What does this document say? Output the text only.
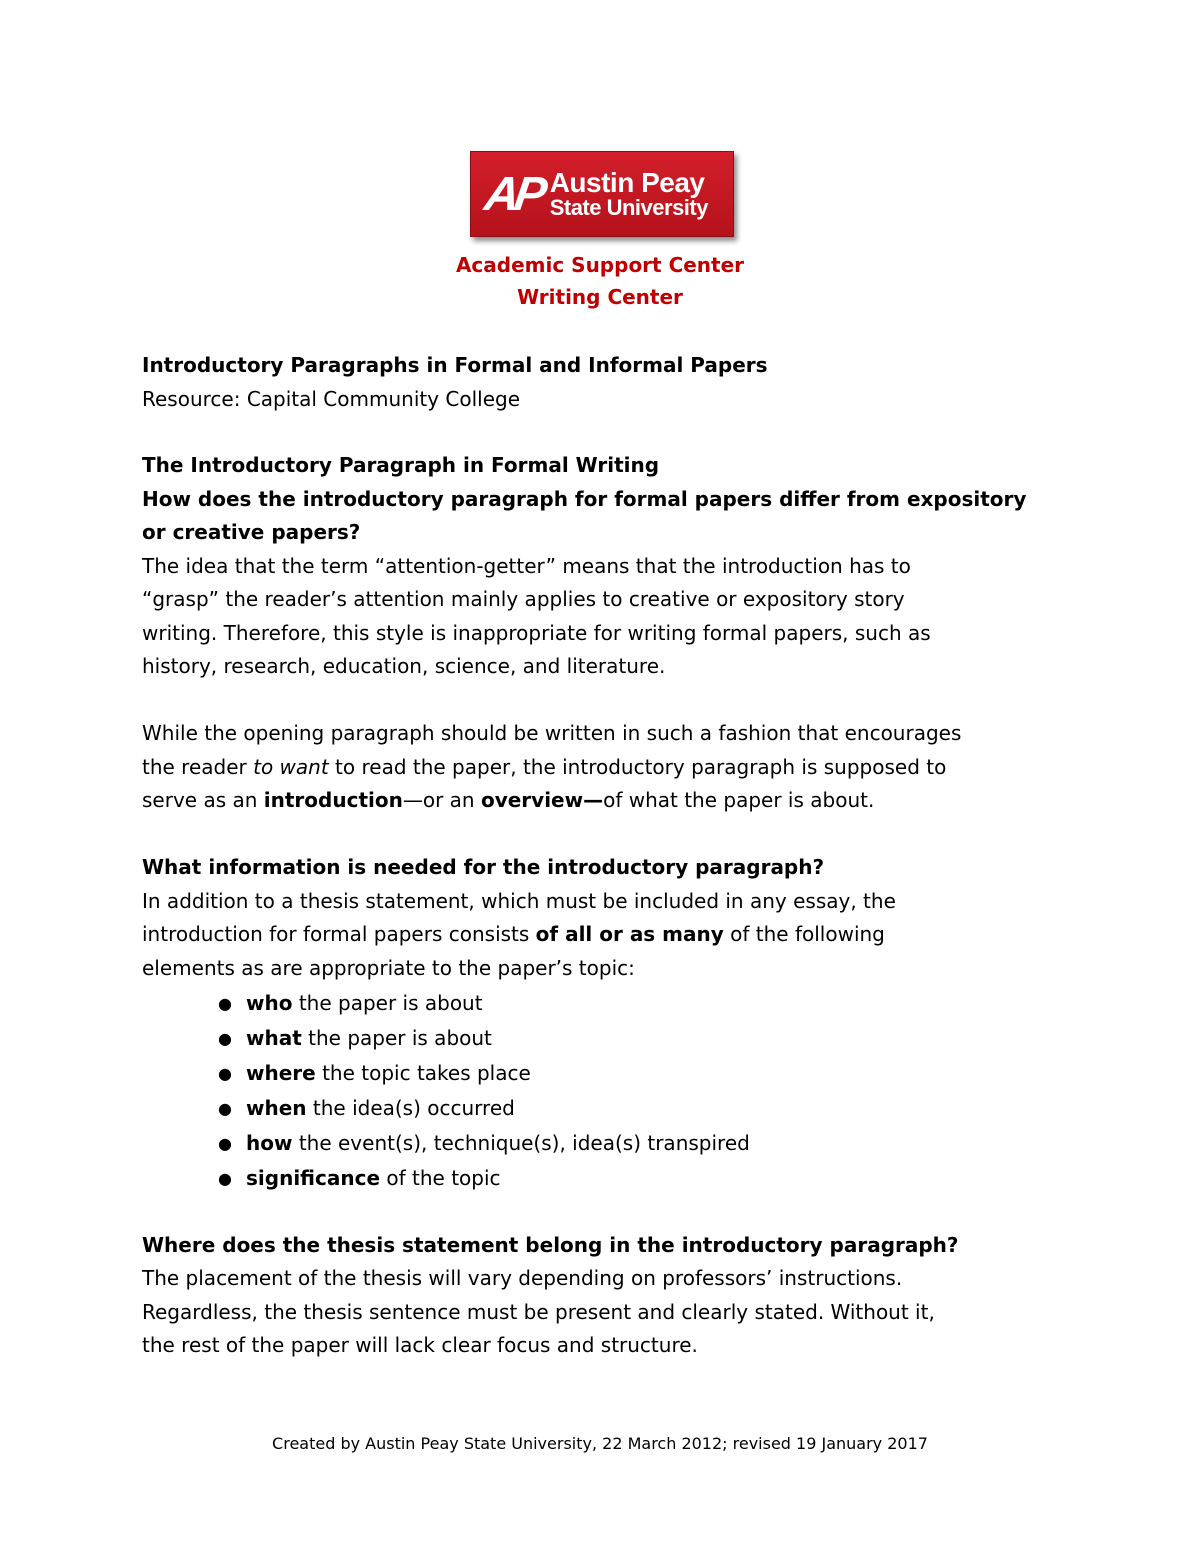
AP Austin Peay
State University
Academic Support Center
Writing Center
Introductory Paragraphs in Formal and Informal Papers
Resource: Capital Community College
The Introductory Paragraph in Formal Writing
How does the introductory paragraph for formal papers differ from expository
or creative papers?
The idea that the term “attention-getter” means that the introduction has to
“grasp” the reader’s attention mainly applies to creative or expository story
writing. Therefore, this style is inappropriate for writing formal papers, such as
history, research, education, science, and literature.
While the opening paragraph should be written in such a fashion that encourages
the reader to want to read the paper, the introductory paragraph is supposed to
serve as an introduction—or an overview—of what the paper is about.
What information is needed for the introductory paragraph?
In addition to a thesis statement, which must be included in any essay, the
introduction for formal papers consists of all or as many of the following
elements as are appropriate to the paper’s topic:
● who the paper is about
● what the paper is about
● where the topic takes place
● when the idea(s) occurred
● how the event(s), technique(s), idea(s) transpired
● significance of the topic
Where does the thesis statement belong in the introductory paragraph?
The placement of the thesis will vary depending on professors’ instructions.
Regardless, the thesis sentence must be present and clearly stated. Without it,
the rest of the paper will lack clear focus and structure.
Created by Austin Peay State University, 22 March 2012; revised 19 January 2017
